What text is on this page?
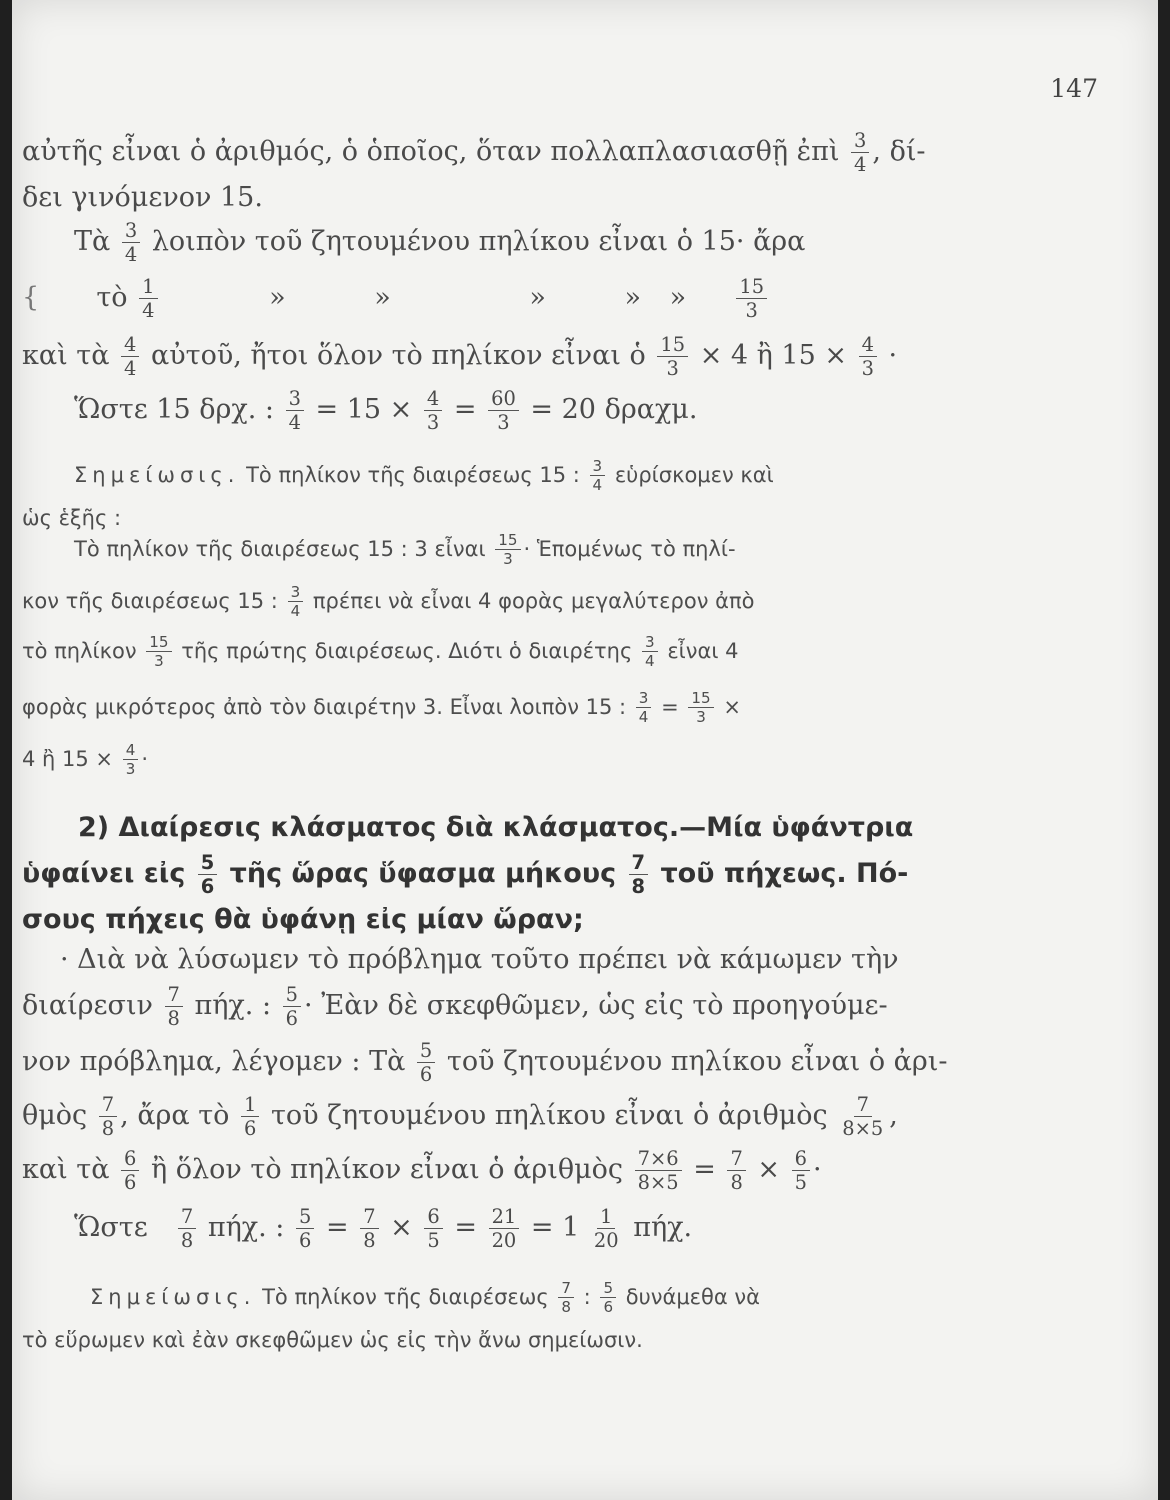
147
αὐτῆς εἶναι ὁ ἀριθμός, ὁ ὁποῖος, ὅταν πολλαπλασιασθῇ ἐπὶ $\frac{3}{4}$ , δί-
δει γινόμενον 15.
Τὰ $\frac{3}{4}$ λοιπὸν τοῦ ζητουμένου πηλίκου εἶναι ὁ 15· ἄρα
{ τὸ $\frac{1}{4}$	»	»	»	» »	$\frac{15}{3}$
καὶ τὰ $\frac{4}{4}$ αὐτοῦ, ἤτοι ὅλον τὸ πηλίκον εἶναι ὁ $\frac{15}{3} \times 4$ ἢ $15 \times \frac{4}{3}$ ·
Ὥστε 15 δρχ. : $\frac{3}{4} = 15 \times \frac{4}{3} = \frac{60}{3} = 20$ δραχμ.
Σημείωσις. Τὸ πηλίκον τῆς διαιρέσεως 15 : $\frac{3}{4}$ εὑρίσκομεν καὶ
ὡς ἑξῆς :
Τὸ πηλίκον τῆς διαιρέσεως 15 : 3 εἶναι $\frac{15}{3}$ · Ἑπομένως τὸ πηλί-
κον τῆς διαιρέσεως 15 : $\frac{3}{4}$ πρέπει νὰ εἶναι 4 φορὰς μεγαλύτερον ἀπὸ
τὸ πηλίκον $\frac{15}{3}$ τῆς πρώτης διαιρέσεως. Διότι ὁ διαιρέτης $\frac{3}{4}$ εἶναι 4
φορὰς μικρότερος ἀπὸ τὸν διαιρέτην 3. Εἶναι λοιπὸν 15 : $\frac{3}{4} = \frac{15}{3}$ ×
4 ἢ $15 \times \frac{4}{3}$ ·
2) Διαίρεσις κλάσματος διὰ κλάσματος.—Μία ὑφάντρια
ὑφαίνει εἰς $\frac{5}{6}$ τῆς ὥρας ὕφασμα μήκους $\frac{7}{8}$ τοῦ πήχεως. Πό-
σους πήχεις θὰ ὑφάνῃ εἰς μίαν ὥραν;
· Διὰ νὰ λύσωμεν τὸ πρόβλημα τοῦτο πρέπει νὰ κάμωμεν τὴν
διαίρεσιν $\frac{7}{8} \pi ή\chi$. : $\frac{5}{6}$ · Ἐὰν δὲ σκεφθῶμεν, ὡς εἰς τὸ προηγούμε-
νον πρόβλημα, λέγομεν : Τὰ $\frac{5}{6}$ τοῦ ζητουμένου πηλίκου εἶναι ὁ ἀρι-
θμὸς $\frac{7}{8}$ , ἄρα τὸ $\frac{1}{6}$ τοῦ ζητουμένου πηλίκου εἶναι ὁ ἀριθμὸς $\frac{7}{8\times 5}$ ,
καὶ τὰ $\frac{6}{6}$ ἢ ὅλον τὸ πηλίκον εἶναι ὁ ἀριθμὸς $\frac{7\times 6}{8\times 5} = \frac{7}{8} \times \frac{6}{5}$ ·
Ὥστε $\frac{7}{8} \pi ή\chi$. : $\frac{5}{6} = \frac{7}{8} \times \frac{6}{5} = \frac{21}{20} = 1 \frac{1}{20} \pi ή\chi$.
Σημείωσις. Τὸ πηλίκον τῆς διαιρέσεως $\frac{7}{8}$ : $\frac{5}{6}$ δυνάμεθα νὰ
τὸ εὕρωμεν καὶ ἐὰν σκεφθῶμεν ὡς εἰς τὴν ἄνω σημείωσιν.
